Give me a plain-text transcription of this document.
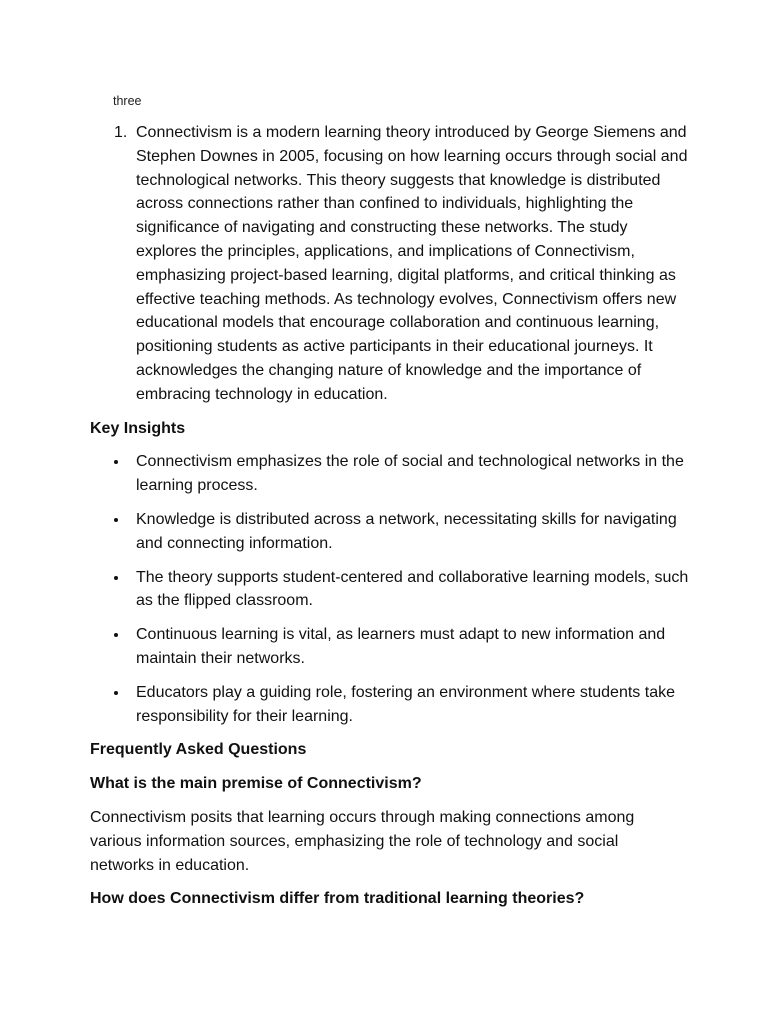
three
1. Connectivism is a modern learning theory introduced by George Siemens and Stephen Downes in 2005, focusing on how learning occurs through social and technological networks. This theory suggests that knowledge is distributed across connections rather than confined to individuals, highlighting the significance of navigating and constructing these networks. The study explores the principles, applications, and implications of Connectivism, emphasizing project-based learning, digital platforms, and critical thinking as effective teaching methods. As technology evolves, Connectivism offers new educational models that encourage collaboration and continuous learning, positioning students as active participants in their educational journeys. It acknowledges the changing nature of knowledge and the importance of embracing technology in education.
Key Insights
Connectivism emphasizes the role of social and technological networks in the learning process.
Knowledge is distributed across a network, necessitating skills for navigating and connecting information.
The theory supports student-centered and collaborative learning models, such as the flipped classroom.
Continuous learning is vital, as learners must adapt to new information and maintain their networks.
Educators play a guiding role, fostering an environment where students take responsibility for their learning.
Frequently Asked Questions
What is the main premise of Connectivism?

Connectivism posits that learning occurs through making connections among various information sources, emphasizing the role of technology and social networks in education.

How does Connectivism differ from traditional learning theories?
